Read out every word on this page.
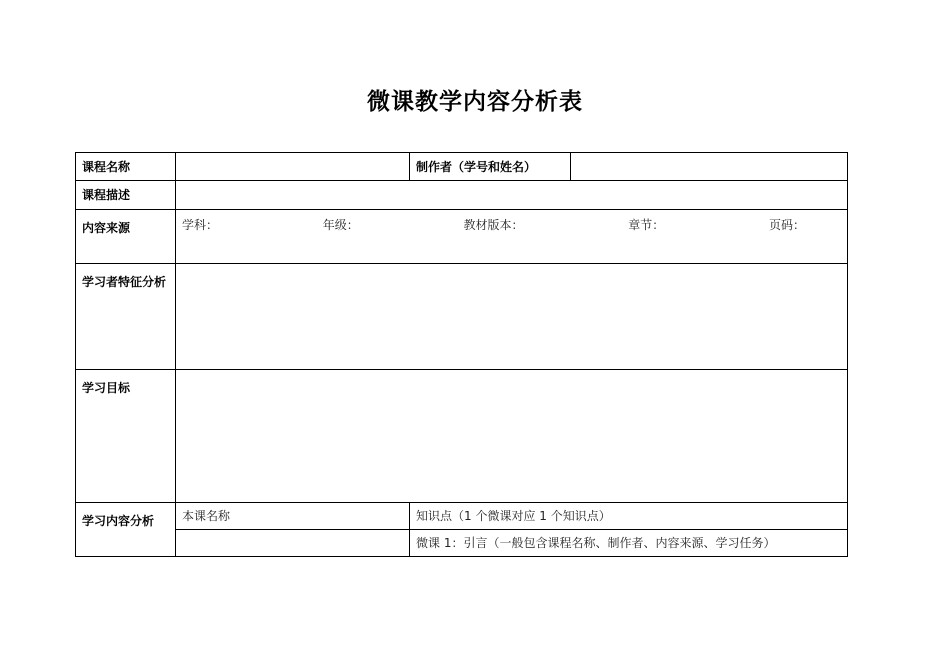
微课教学内容分析表
课程名称		制作者（学号和姓名）	
课程描述			
内容来源	学科： 年级： 教材版本： 章节： 页码：		

学习者特征分析			
学习目标			
学习内容分析	本课名称	知识点（1 个微课对应 1 个知识点）	
		微课 1：引言（一般包含课程名称、制作者、内容来源、学习任务）	
